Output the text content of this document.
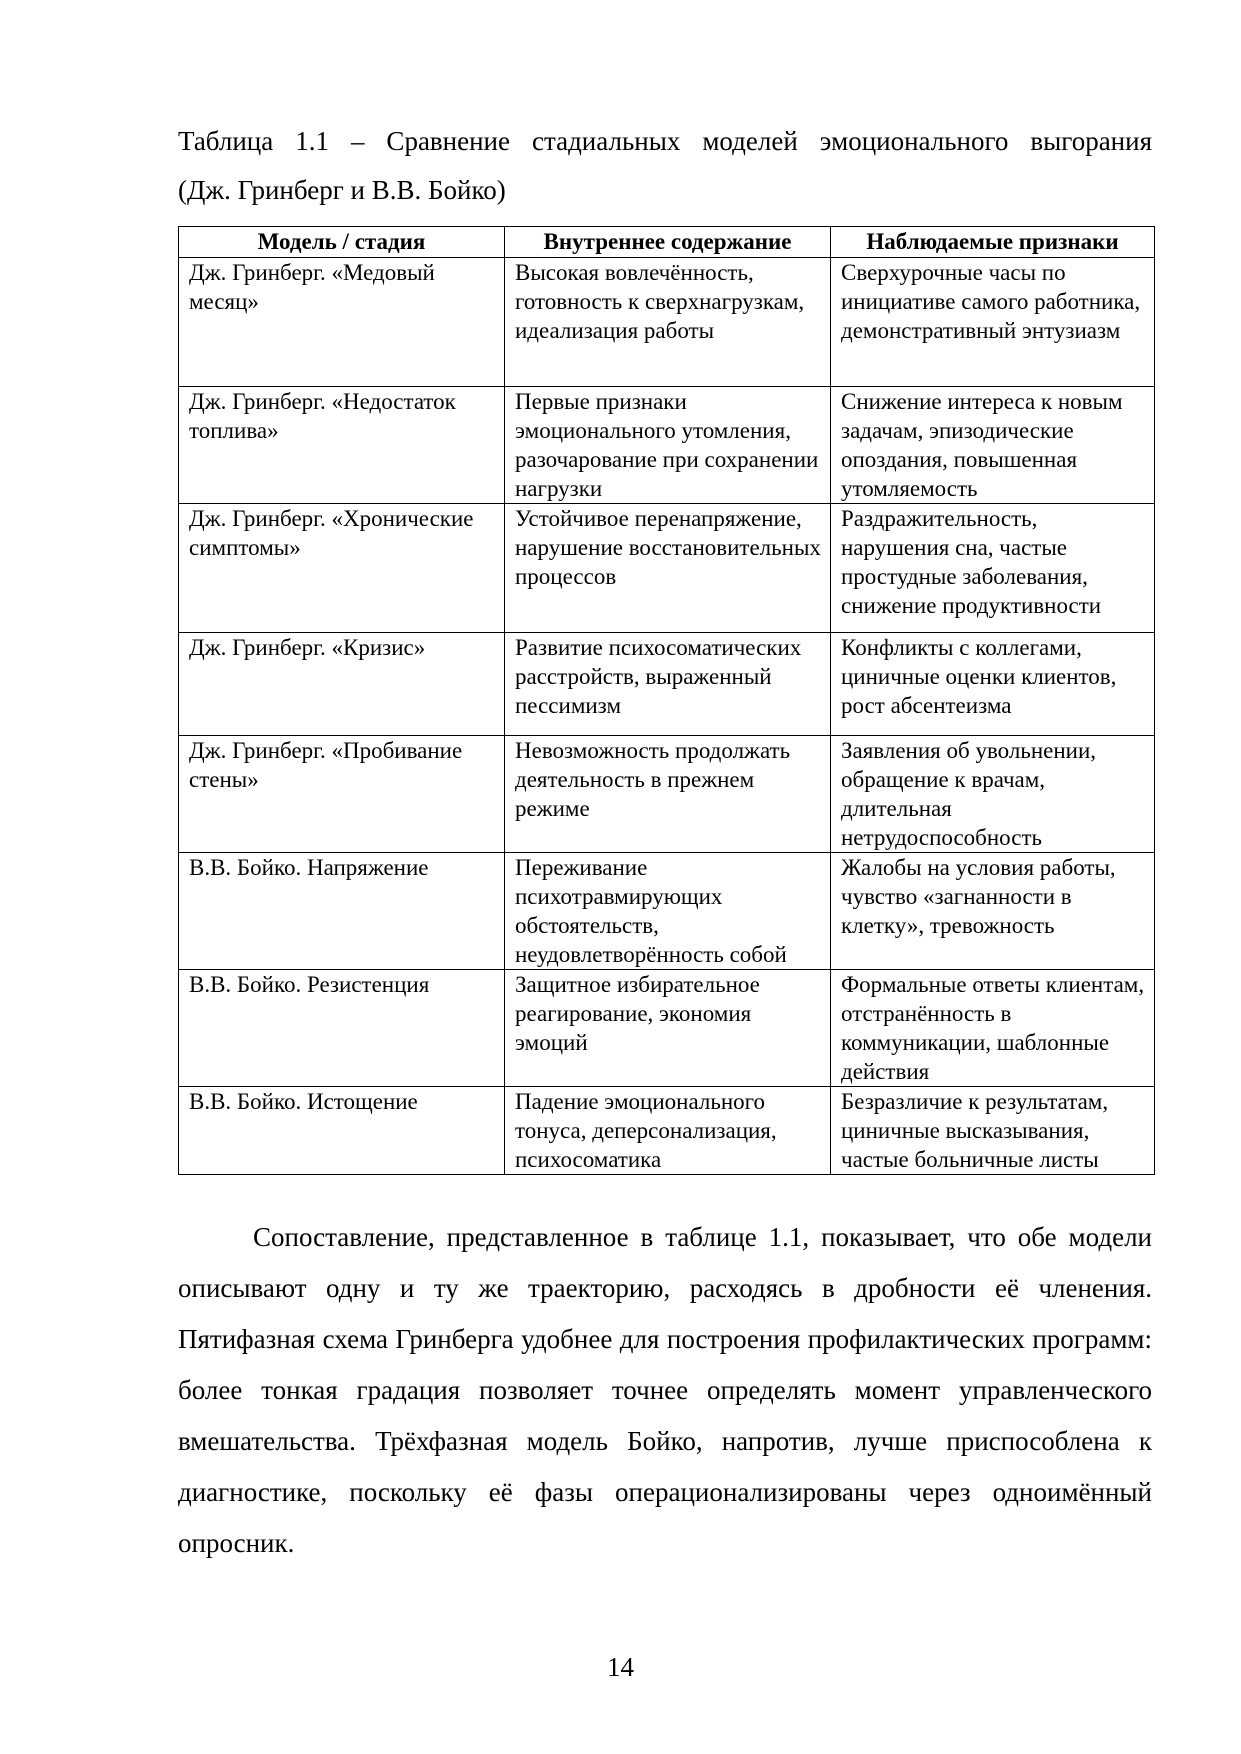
Таблица 1.1 – Сравнение стадиальных моделей эмоционального выгорания
(Дж. Гринберг и В.В. Бойко)
Модель / стадия	Внутреннее содержание	Наблюдаемые признаки
Дж. Гринберг. «Медовый месяц»	Высокая вовлечённость, готовность к сверхнагрузкам, идеализация работы	Сверхурочные часы по инициативе самого работника, демонстративный энтузиазм
Дж. Гринберг. «Недостаток топлива»	Первые признаки эмоционального утомления, разочарование при сохранении нагрузки	Снижение интереса к новым задачам, эпизодические опоздания, повышенная утомляемость
Дж. Гринберг. «Хронические симптомы»	Устойчивое перенапряжение, нарушение восстановительных процессов	Раздражительность, нарушения сна, частые простудные заболевания, снижение продуктивности
Дж. Гринберг. «Кризис»	Развитие психосоматических расстройств, выраженный пессимизм	Конфликты с коллегами, циничные оценки клиентов, рост абсентеизма
Дж. Гринберг. «Пробивание стены»	Невозможность продолжать деятельность в прежнем режиме	Заявления об увольнении, обращение к врачам, длительная нетрудоспособность
В.В. Бойко. Напряжение	Переживание психотравмирующих обстоятельств, неудовлетворённость собой	Жалобы на условия работы, чувство «загнанности в клетку», тревожность
В.В. Бойко. Резистенция	Защитное избирательное реагирование, экономия эмоций	Формальные ответы клиентам, отстранённость в коммуникации, шаблонные действия
В.В. Бойко. Истощение	Падение эмоционального тонуса, деперсонализация, психосоматика	Безразличие к результатам, циничные высказывания, частые больничные листы

Сопоставление, представленное в таблице 1.1, показывает, что обе модели описывают одну и ту же траекторию, расходясь в дробности её членения. Пятифазная схема Гринберга удобнее для построения профилактических программ: более тонкая градация позволяет точнее определять момент управленческого вмешательства. Трёхфазная модель Бойко, напротив, лучше приспособлена к диагностике, поскольку её фазы операционализированы через одноимённый опросник.

14
